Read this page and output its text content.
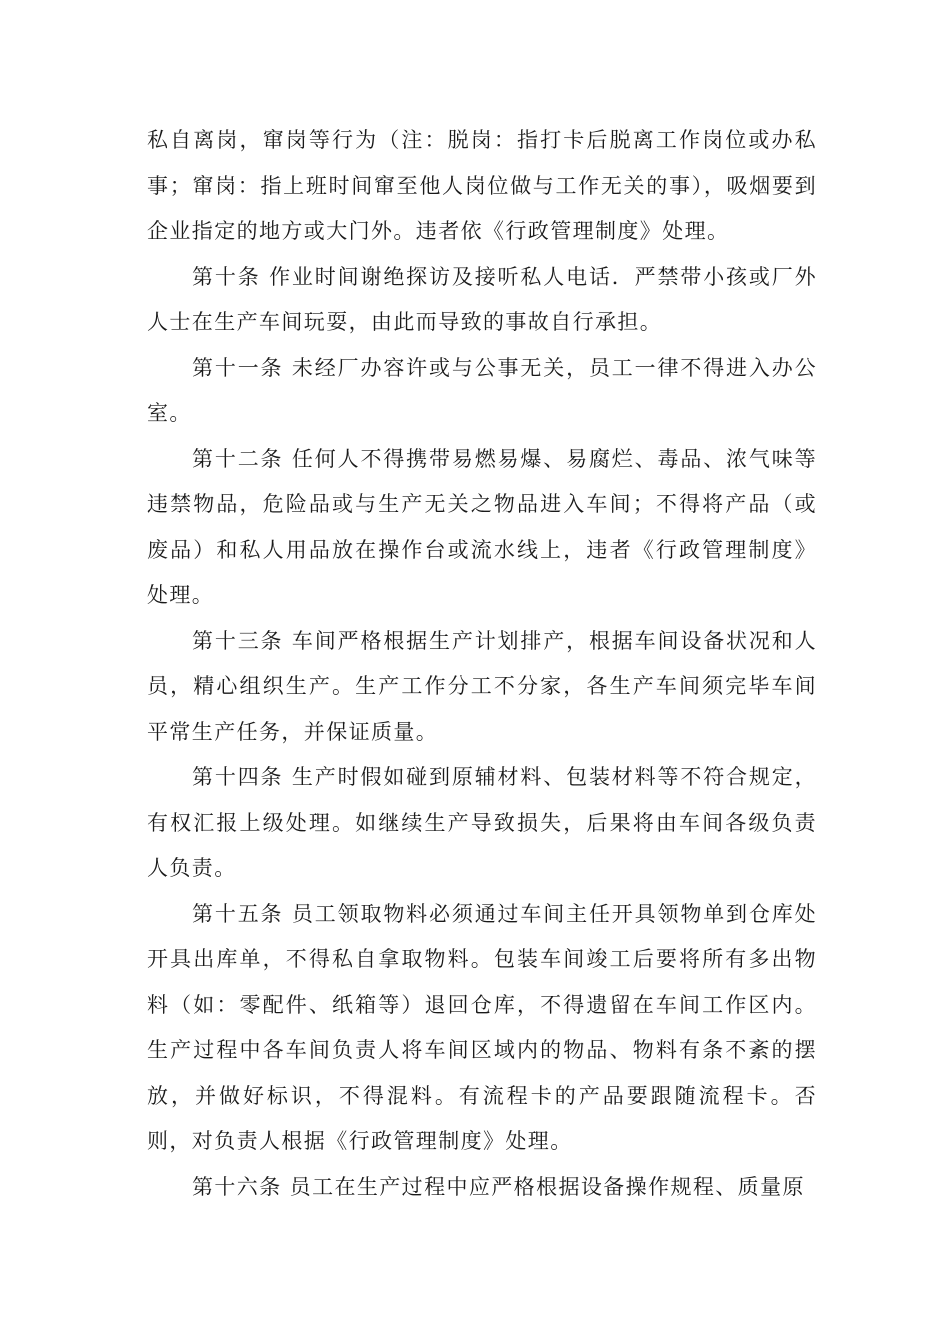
私自离岗，窜岗等行为（注：脱岗：指打卡后脱离工作岗位或办私事；窜岗：指上班时间窜至他人岗位做与工作无关的事），吸烟要到企业指定的地方或大门外。违者依《行政管理制度》处理。

第十条 作业时间谢绝探访及接听私人电话．严禁带小孩或厂外人士在生产车间玩耍，由此而导致的事故自行承担。

第十一条 未经厂办容许或与公事无关，员工一律不得进入办公室。

第十二条 任何人不得携带易燃易爆、易腐烂、毒品、浓气味等违禁物品，危险品或与生产无关之物品进入车间；不得将产品（或废品）和私人用品放在操作台或流水线上，违者《行政管理制度》处理。

第十三条 车间严格根据生产计划排产，根据车间设备状况和人员，精心组织生产。生产工作分工不分家，各生产车间须完毕车间平常生产任务，并保证质量。

第十四条 生产时假如碰到原辅材料、包装材料等不符合规定，有权汇报上级处理。如继续生产导致损失，后果将由车间各级负责人负责。

第十五条 员工领取物料必须通过车间主任开具领物单到仓库处开具出库单，不得私自拿取物料。包装车间竣工后要将所有多出物料（如：零配件、纸箱等）退回仓库，不得遗留在车间工作区内。生产过程中各车间负责人将车间区域内的物品、物料有条不紊的摆放，并做好标识，不得混料。有流程卡的产品要跟随流程卡。否则，对负责人根据《行政管理制度》处理。

第十六条 员工在生产过程中应严格根据设备操作规程、质量原
